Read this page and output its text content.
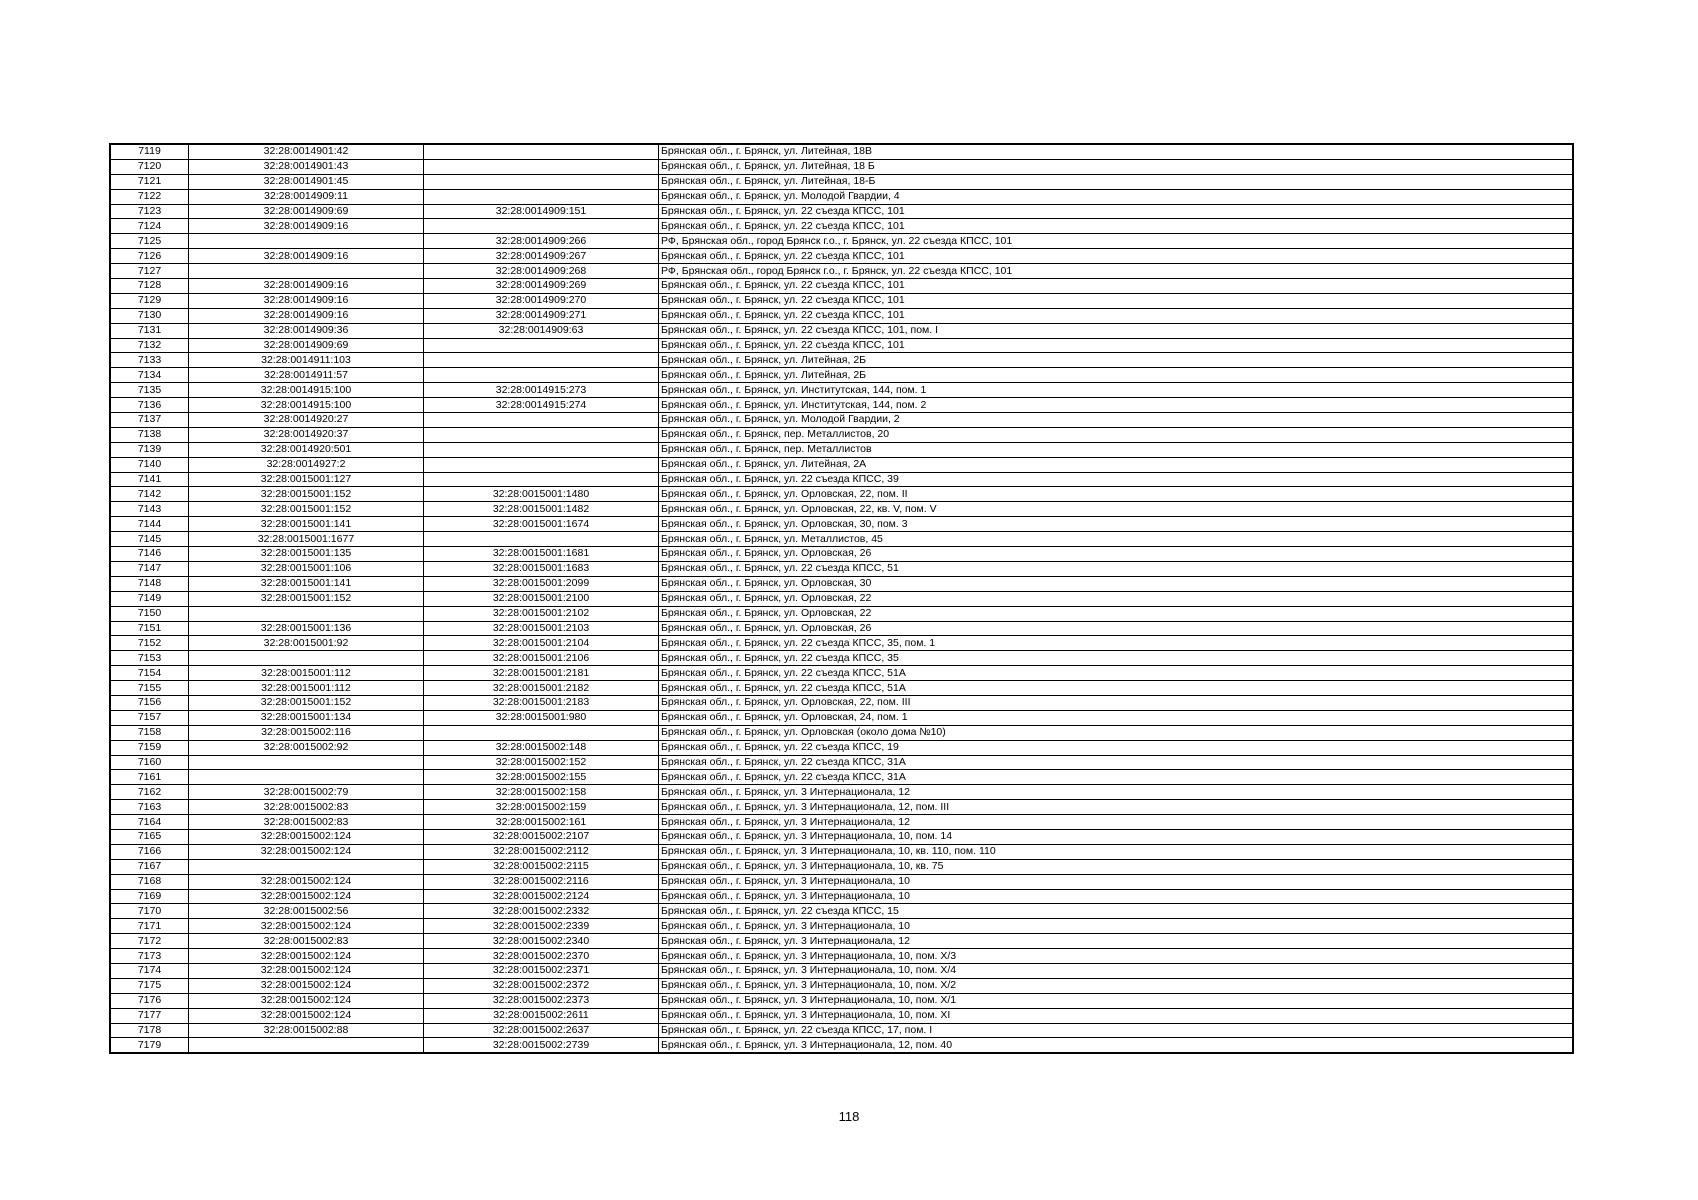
7119	32:28:0014901:42		Брянская обл., г. Брянск, ул. Литейная, 18В
7120	32:28:0014901:43		Брянская обл., г. Брянск, ул. Литейная, 18 Б
7121	32:28:0014901:45		Брянская обл., г. Брянск, ул. Литейная, 18-Б
7122	32:28:0014909:11		Брянская обл., г. Брянск, ул. Молодой Гвардии, 4
7123	32:28:0014909:69	32:28:0014909:151	Брянская обл., г. Брянск, ул. 22 съезда КПСС, 101
7124	32:28:0014909:16		Брянская обл., г. Брянск, ул. 22 съезда КПСС, 101
7125		32:28:0014909:266	РФ, Брянская обл., город Брянск г.о., г. Брянск, ул. 22 съезда КПСС, 101
7126	32:28:0014909:16	32:28:0014909:267	Брянская обл., г. Брянск, ул. 22 съезда КПСС, 101
7127		32:28:0014909:268	РФ, Брянская обл., город Брянск г.о., г. Брянск, ул. 22 съезда КПСС, 101
7128	32:28:0014909:16	32:28:0014909:269	Брянская обл., г. Брянск, ул. 22 съезда КПСС, 101
7129	32:28:0014909:16	32:28:0014909:270	Брянская обл., г. Брянск, ул. 22 съезда КПСС, 101
7130	32:28:0014909:16	32:28:0014909:271	Брянская обл., г. Брянск, ул. 22 съезда КПСС, 101
7131	32:28:0014909:36	32:28:0014909:63	Брянская обл., г. Брянск, ул. 22 съезда КПСС, 101, пом. I
7132	32:28:0014909:69		Брянская обл., г. Брянск, ул. 22 съезда КПСС, 101
7133	32:28:0014911:103		Брянская обл., г. Брянск, ул. Литейная, 2Б
7134	32:28:0014911:57		Брянская обл., г. Брянск, ул. Литейная, 2Б
7135	32:28:0014915:100	32:28:0014915:273	Брянская обл., г. Брянск, ул. Институтская, 144, пом. 1
7136	32:28:0014915:100	32:28:0014915:274	Брянская обл., г. Брянск, ул. Институтская, 144, пом. 2
7137	32:28:0014920:27		Брянская обл., г. Брянск, ул. Молодой Гвардии, 2
7138	32:28:0014920:37		Брянская обл., г. Брянск, пер. Металлистов, 20
7139	32:28:0014920:501		Брянская обл., г. Брянск, пер. Металлистов
7140	32:28:0014927:2		Брянская обл., г. Брянск, ул. Литейная, 2А
7141	32:28:0015001:127		Брянская обл., г. Брянск, ул. 22 съезда КПСС, 39
7142	32:28:0015001:152	32:28:0015001:1480	Брянская обл., г. Брянск, ул. Орловская, 22, пом. II
7143	32:28:0015001:152	32:28:0015001:1482	Брянская обл., г. Брянск, ул. Орловская, 22, кв. V, пом. V
7144	32:28:0015001:141	32:28:0015001:1674	Брянская обл., г. Брянск, ул. Орловская, 30, пом. 3
7145	32:28:0015001:1677		Брянская обл., г. Брянск, ул. Металлистов, 45
7146	32:28:0015001:135	32:28:0015001:1681	Брянская обл., г. Брянск, ул. Орловская, 26
7147	32:28:0015001:106	32:28:0015001:1683	Брянская обл., г. Брянск, ул. 22 съезда КПСС, 51
7148	32:28:0015001:141	32:28:0015001:2099	Брянская обл., г. Брянск, ул. Орловская, 30
7149	32:28:0015001:152	32:28:0015001:2100	Брянская обл., г. Брянск, ул. Орловская, 22
7150		32:28:0015001:2102	Брянская обл., г. Брянск, ул. Орловская, 22
7151	32:28:0015001:136	32:28:0015001:2103	Брянская обл., г. Брянск, ул. Орловская, 26
7152	32:28:0015001:92	32:28:0015001:2104	Брянская обл., г. Брянск, ул. 22 съезда КПСС, 35, пом. 1
7153		32:28:0015001:2106	Брянская обл., г. Брянск, ул. 22 съезда КПСС, 35
7154	32:28:0015001:112	32:28:0015001:2181	Брянская обл., г. Брянск, ул. 22 съезда КПСС, 51А
7155	32:28:0015001:112	32:28:0015001:2182	Брянская обл., г. Брянск, ул. 22 съезда КПСС, 51А
7156	32:28:0015001:152	32:28:0015001:2183	Брянская обл., г. Брянск, ул. Орловская, 22, пом. III
7157	32:28:0015001:134	32:28:0015001:980	Брянская обл., г. Брянск, ул. Орловская, 24, пом. 1
7158	32:28:0015002:116		Брянская обл., г. Брянск, ул. Орловская (около дома №10)
7159	32:28:0015002:92	32:28:0015002:148	Брянская обл., г. Брянск, ул. 22 съезда КПСС, 19
7160		32:28:0015002:152	Брянская обл., г. Брянск, ул. 22 съезда КПСС, 31А
7161		32:28:0015002:155	Брянская обл., г. Брянск, ул. 22 съезда КПСС, 31А
7162	32:28:0015002:79	32:28:0015002:158	Брянская обл., г. Брянск, ул. 3 Интернационала, 12
7163	32:28:0015002:83	32:28:0015002:159	Брянская обл., г. Брянск, ул. 3 Интернационала, 12, пом. III
7164	32:28:0015002:83	32:28:0015002:161	Брянская обл., г. Брянск, ул. 3 Интернационала, 12
7165	32:28:0015002:124	32:28:0015002:2107	Брянская обл., г. Брянск, ул. 3 Интернационала, 10, пом. 14
7166	32:28:0015002:124	32:28:0015002:2112	Брянская обл., г. Брянск, ул. 3 Интернационала, 10, кв. 110, пом. 110
7167		32:28:0015002:2115	Брянская обл., г. Брянск, ул. 3 Интернационала, 10, кв. 75
7168	32:28:0015002:124	32:28:0015002:2116	Брянская обл., г. Брянск, ул. 3 Интернационала, 10
7169	32:28:0015002:124	32:28:0015002:2124	Брянская обл., г. Брянск, ул. 3 Интернационала, 10
7170	32:28:0015002:56	32:28:0015002:2332	Брянская обл., г. Брянск, ул. 22 съезда КПСС, 15
7171	32:28:0015002:124	32:28:0015002:2339	Брянская обл., г. Брянск, ул. 3 Интернационала, 10
7172	32:28:0015002:83	32:28:0015002:2340	Брянская обл., г. Брянск, ул. 3 Интернационала, 12
7173	32:28:0015002:124	32:28:0015002:2370	Брянская обл., г. Брянск, ул. 3 Интернационала, 10, пом. Х/3
7174	32:28:0015002:124	32:28:0015002:2371	Брянская обл., г. Брянск, ул. 3 Интернационала, 10, пом. Х/4
7175	32:28:0015002:124	32:28:0015002:2372	Брянская обл., г. Брянск, ул. 3 Интернационала, 10, пом. Х/2
7176	32:28:0015002:124	32:28:0015002:2373	Брянская обл., г. Брянск, ул. 3 Интернационала, 10, пом. Х/1
7177	32:28:0015002:124	32:28:0015002:2611	Брянская обл., г. Брянск, ул. 3 Интернационала, 10, пом. XI
7178	32:28:0015002:88	32:28:0015002:2637	Брянская обл., г. Брянск, ул. 22 съезда КПСС, 17, пом. I
7179		32:28:0015002:2739	Брянская обл., г. Брянск, ул. 3 Интернационала, 12, пом. 40
118
